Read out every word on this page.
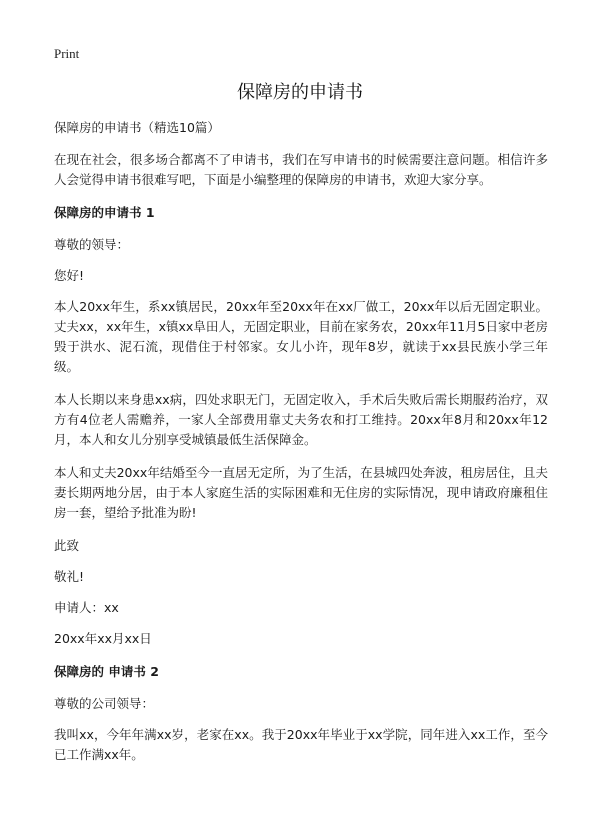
Print
保障房的申请书

保障房的申请书（精选10篇）

在现在社会，很多场合都离不了申请书，我们在写申请书的时候需要注意问题。相信许多人会觉得申请书很难写吧，下面是小编整理的保障房的申请书，欢迎大家分享。

保障房的申请书 1

尊敬的领导：

您好!

本人20xx年生，系xx镇居民，20xx年至20xx年在xx厂做工，20xx年以后无固定职业。丈夫xx，xx年生，x镇xx阜田人，无固定职业，目前在家务农，20xx年11月5日家中老房毁于洪水、泥石流，现借住于村邻家。女儿小许，现年8岁，就读于xx县民族小学三年级。

本人长期以来身患xx病，四处求职无门，无固定收入，手术后失败后需长期服药治疗，双方有4位老人需赡养，一家人全部费用靠丈夫务农和打工维持。20xx年8月和20xx年12月，本人和女儿分别享受城镇最低生活保障金。

本人和丈夫20xx年结婚至今一直居无定所，为了生活，在县城四处奔波，租房居住，且夫妻长期两地分居，由于本人家庭生活的实际困难和无住房的实际情况，现申请政府廉租住房一套，望给予批准为盼!

此致

敬礼!

申请人：xx

20xx年xx月xx日

保障房的 申请书 2

尊敬的公司领导：

我叫xx，今年年满xx岁，老家在xx。我于20xx年毕业于xx学院，同年进入xx工作，至今已工作满xx年。
